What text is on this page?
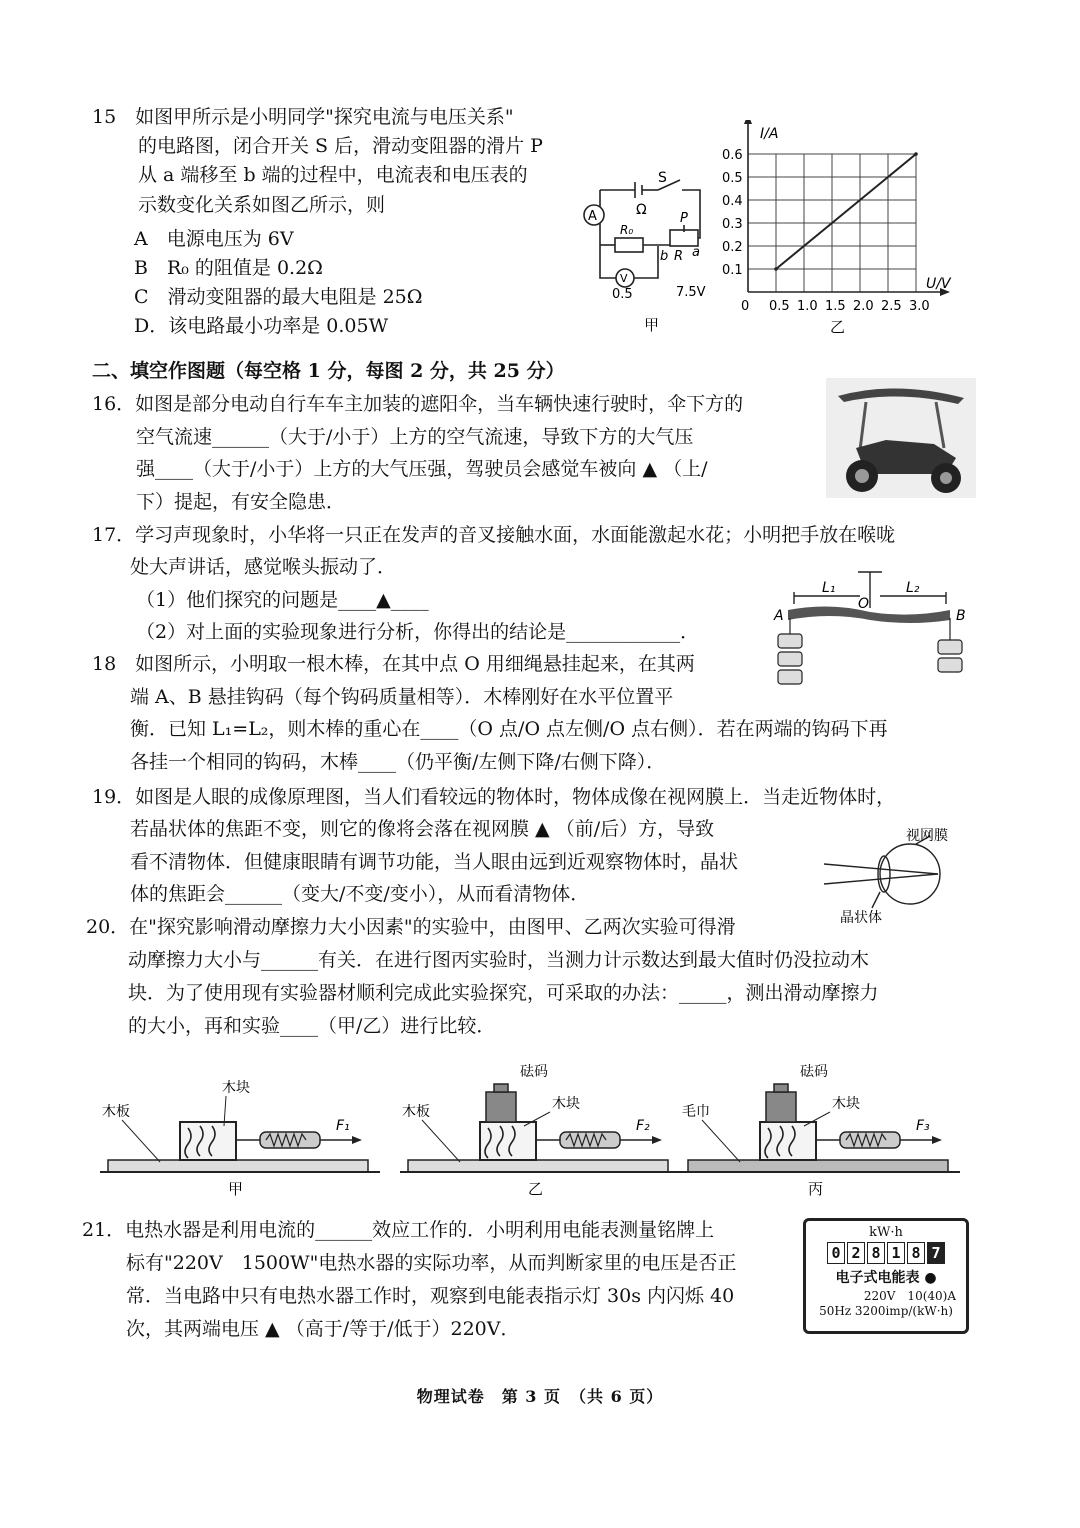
15　如图甲所示是小明同学"探究电流与电压关系"
的电路图，闭合开关 S 后，滑动变阻器的滑片 P
从 a 端移至 b 端的过程中，电流表和电压表的
示数变化关系如图乙所示，则
A　电源电压为 6V
B　R₀ 的阻值是 0.2Ω
C　滑动变阻器的最大电阻是 25Ω
D．该电路最小功率是 0.05W
A
S
Ω
R₀
P
b R a
V
0.5	7.5V
甲
0 0.5 1.0 1.5 2.0 2.5 3.0
0.6
0.5
0.4
0.3
0.2
0.1
I/A
U/V
乙
二、填空作图题（每空格 1 分，每图 2 分，共 25 分）
16．如图是部分电动自行车车主加装的遮阳伞，当车辆快速行驶时，伞下方的
空气流速______（大于/小于）上方的空气流速，导致下方的大气压
强____（大于/小于）上方的大气压强，驾驶员会感觉车被向 ▲ （上/
下）提起，有安全隐患．
17．学习声现象时，小华将一只正在发声的音叉接触水面，水面能激起水花；小明把手放在喉咙
处大声讲话，感觉喉头振动了．
（1）他们探究的问题是____▲____
（2）对上面的实验现象进行分析，你得出的结论是____________．
A	B
O
L₁	L₂
18　如图所示，小明取一根木棒，在其中点 O 用细绳悬挂起来，在其两
端 A、B 悬挂钩码（每个钩码质量相等）．木棒刚好在水平位置平
衡．已知 L₁=L₂，则木棒的重心在____（O 点/O 点左侧/O 点右侧）．若在两端的钩码下再
各挂一个相同的钩码，木棒____（仍平衡/左侧下降/右侧下降）．
19．如图是人眼的成像原理图，当人们看较远的物体时，物体成像在视网膜上．当走近物体时，
若晶状体的焦距不变，则它的像将会落在视网膜 ▲ （前/后）方，导致
看不清物体．但健康眼睛有调节功能，当人眼由远到近观察物体时，晶状
体的焦距会______（变大/不变/变小），从而看清物体．
视网膜
晶状体
20．在"探究影响滑动摩擦力大小因素"的实验中，由图甲、乙两次实验可得滑
动摩擦力大小与______有关．在进行图丙实验时，当测力计示数达到最大值时仍没拉动木
块．为了使用现有实验器材顺利完成此实验探究，可采取的办法：_____，测出滑动摩擦力
的大小，再和实验____（甲/乙）进行比较．
F₁
木板
木块
甲
砝码
F₂
木板	木块
乙
砝码
F₃
毛巾	木块
丙
21．电热水器是利用电流的______效应工作的．小明利用电能表测量铭牌上
标有"220V　1500W"电热水器的实际功率，从而判断家里的电压是否正
常．当电路中只有电热水器工作时，观察到电能表指示灯 30s 内闪烁 40
次，其两端电压 ▲ （高于/等于/低于）220V．
kW·h
0 2 8 1 8 7
电子式电能表 ●
220V　10(40)A
50Hz 3200imp/(kW·h)
物理试卷　第 3 页　（共 6 页）
